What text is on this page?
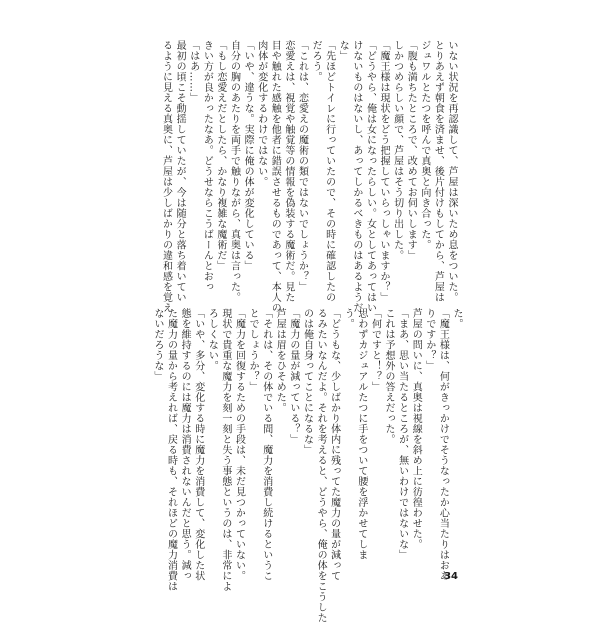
いない状況を再認識して、芦屋は深いため息をついた。
とりあえず朝食を済ませ、後片付けもしてから、芦屋は
ジュワルとたつを呼んで真奥と向き合った。
「腹も満ちたところで、改めてお伺いします」
しかつめらしい顔で、芦屋はそう切り出した。
「魔王様は現状をどう把握していらっしゃいますか？」
「どうやら、俺は女になったらしい。女としてあってはい
けないものはないし、あってしかるべきものはあるようだ
な」
「先ほどトイレに行っていたので、その時に確認したの
だろう。
「これは、恋愛えの魔術の類ではないでしょうか？」
恋愛えは、視覚や触覚等の情報を偽装する魔術だ。見た
目や触れた感触を他者に錯誤させるものであって、本人の
肉体が変化するわけではない。
「いや、違うな。実際に俺の体が変化している」
自分の胸のあたりを両手で触りながら、真奥は言った。
「もし恋愛えだとしたら、かなり複雑な魔術だ」
きい方が良かったなあ。どうせならこうばーんとおっ
「はあ……」
最初の頃こそ動揺していたが、今は随分と落ち着いてい
るように見える真奥に、芦屋は少しばかりの違和感を覚え
た。
「魔王様は、何がきっかけでそうなったか心当たりはおあ
りですか？」
芦屋の問いに、真奥は視線を斜め上に彷徨わせた。
「まあ、思い当たるところが、無いわけではないな」
これは予想外の答えだった。
「何ですと！？」
思わずカジュアルたつに手をついて腰を浮かせてしま
う。
「どうもな、少しばかり体内に残ってた魔力の量が減って
るみたいなんだよ。それを考えると、どうやら、俺の体をこうした
のは俺自身ってことになるな」
「魔力の量が減っている？」
芦屋は眉をひそめた。
「それは、その体でいる間、魔力を消費し続けるというこ
とでしょうか？」
「魔力を回復するための手段は、未だ見つかっていない。
現状で貴重な魔力を刻一刻と失う事態というのは、非常によ
ろしくない。
「いや、多分、変化する時に魔力を消費して、変化した状
態を維持するのには魔力は消費されないんだと思う。減っ
た魔力の量から考えれば、戻る時も、それほどの魔力消費は
ないだろうな」
34
